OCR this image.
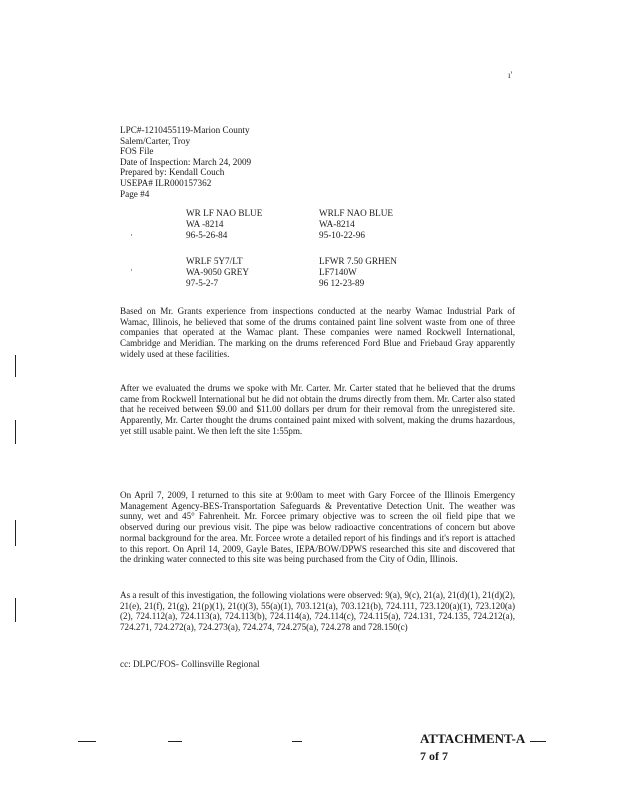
ı'
LPC#-1210455119-Marion County
Salem/Carter, Troy
FOS File
Date of Inspection: March 24, 2009
Prepared by: Kendall Couch
USEPA# ILR000157362
Page #4
WR LF NAO BLUE
WA -8214
96-5-26-84
WRLF NAO BLUE
WA-8214
95-10-22-96
WRLF 5Y7/LT
WA-9050 GREY
97-5-2-7
LFWR 7.50 GRHEN
LF7140W
96 12-23-89
·
·

Based on Mr. Grants experience from inspections conducted at the nearby Wamac Industrial Park of Wamac, Illinois, he believed that some of the drums contained paint line solvent waste from one of three companies that operated at the Wamac plant. These companies were named Rockwell International, Cambridge and Meridian. The marking on the drums referenced Ford Blue and Friebaud Gray apparently widely used at these facilities.

After we evaluated the drums we spoke with Mr. Carter. Mr. Carter stated that he believed that the drums came from Rockwell International but he did not obtain the drums directly from them. Mr. Carter also stated that he received between $9.00 and $11.00 dollars per drum for their removal from the unregistered site. Apparently, Mr. Carter thought the drums contained paint mixed with solvent, making the drums hazardous, yet still usable paint. We then left the site 1:55pm.

On April 7, 2009, I returned to this site at 9:00am to meet with Gary Forcee of the Illinois Emergency Management Agency-BES-Transportation Safeguards & Preventative Detection Unit. The weather was sunny, wet and 45° Fahrenheit. Mr. Forcee primary objective was to screen the oil field pipe that we observed during our previous visit. The pipe was below radioactive concentrations of concern but above normal background for the area. Mr. Forcee wrote a detailed report of his findings and it's report is attached to this report. On April 14, 2009, Gayle Bates, IEPA/BOW/DPWS researched this site and discovered that the drinking water connected to this site was being purchased from the City of Odin, Illinois.

As a result of this investigation, the following violations were observed: 9(a), 9(c), 21(a), 21(d)(1), 21(d)(2), 21(e), 21(f), 21(g), 21(p)(1), 21(t)(3), 55(a)(1), 703.121(a), 703.121(b), 724.111, 723.120(a)(1), 723.120(a)(2), 724.112(a), 724.113(a), 724.113(b), 724.114(a), 724.114(c), 724.115(a), 724.131, 724.135, 724.212(a), 724.271, 724.272(a), 724.273(a), 724.274, 724.275(a), 724.278 and 728.150(c)

cc: DLPC/FOS- Collinsville Regional
ATTACHMENT-A
7 of 7
